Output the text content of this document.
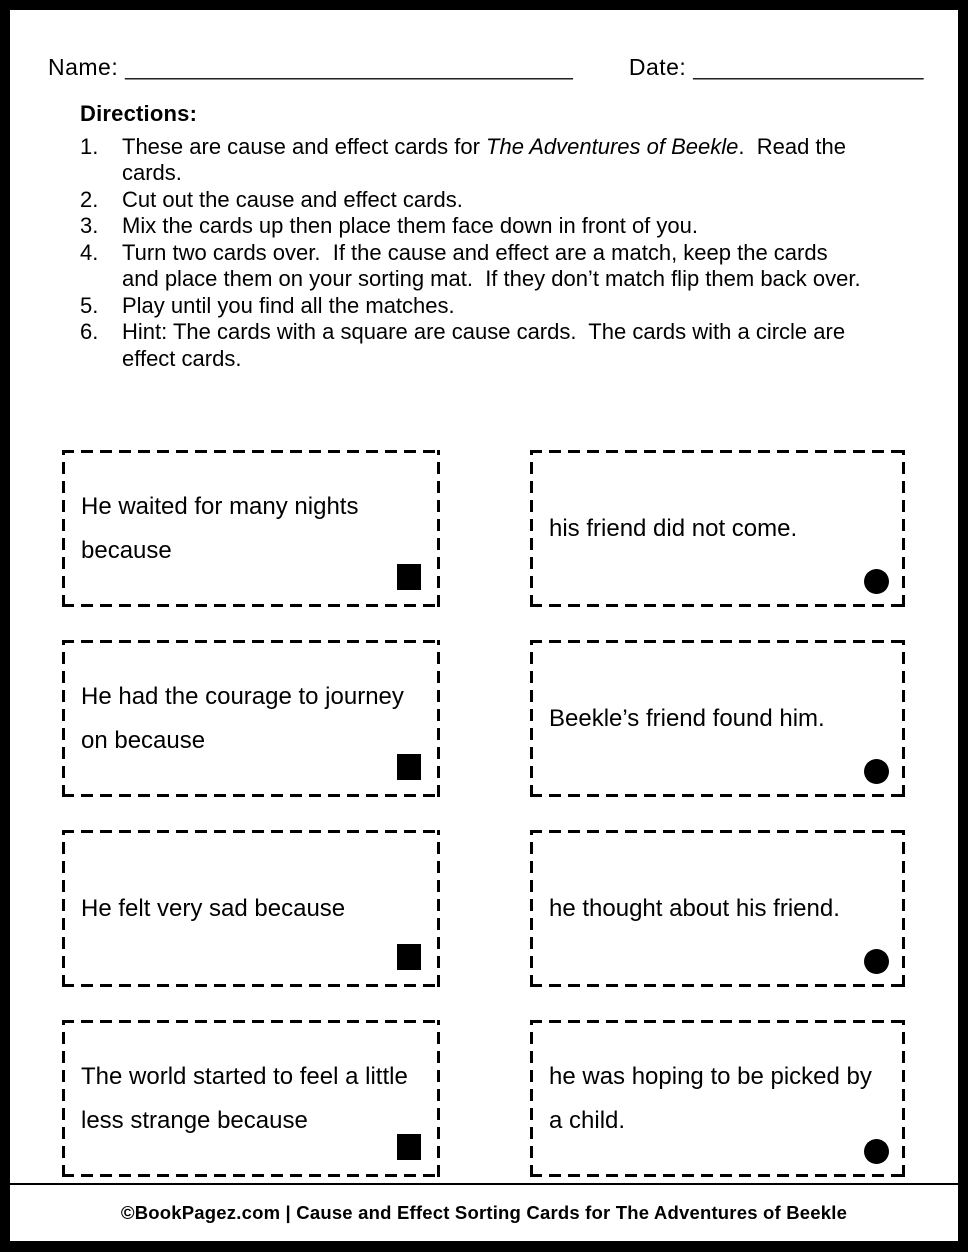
Name: ___________________________________ Date: __________________
Directions:
1.	These are cause and effect cards for The Adventures of Beekle.  Read the cards.
2.	Cut out the cause and effect cards.
3.	Mix the cards up then place them face down in front of you.
4.	Turn two cards over.  If the cause and effect are a match, keep the cards and place them on your sorting mat.  If they don’t match flip them back over.
5.	Play until you find all the matches.
6.	Hint: The cards with a square are cause cards.  The cards with a circle are effect cards.
He waited for many nights because
his friend did not come.
He had the courage to journey on because
Beekle’s friend found him.
He felt very sad because	he thought about his friend.
The world started to feel a little less strange because
he was hoping to be picked by a child.
©BookPagez.com | Cause and Effect Sorting Cards for The Adventures of Beekle
